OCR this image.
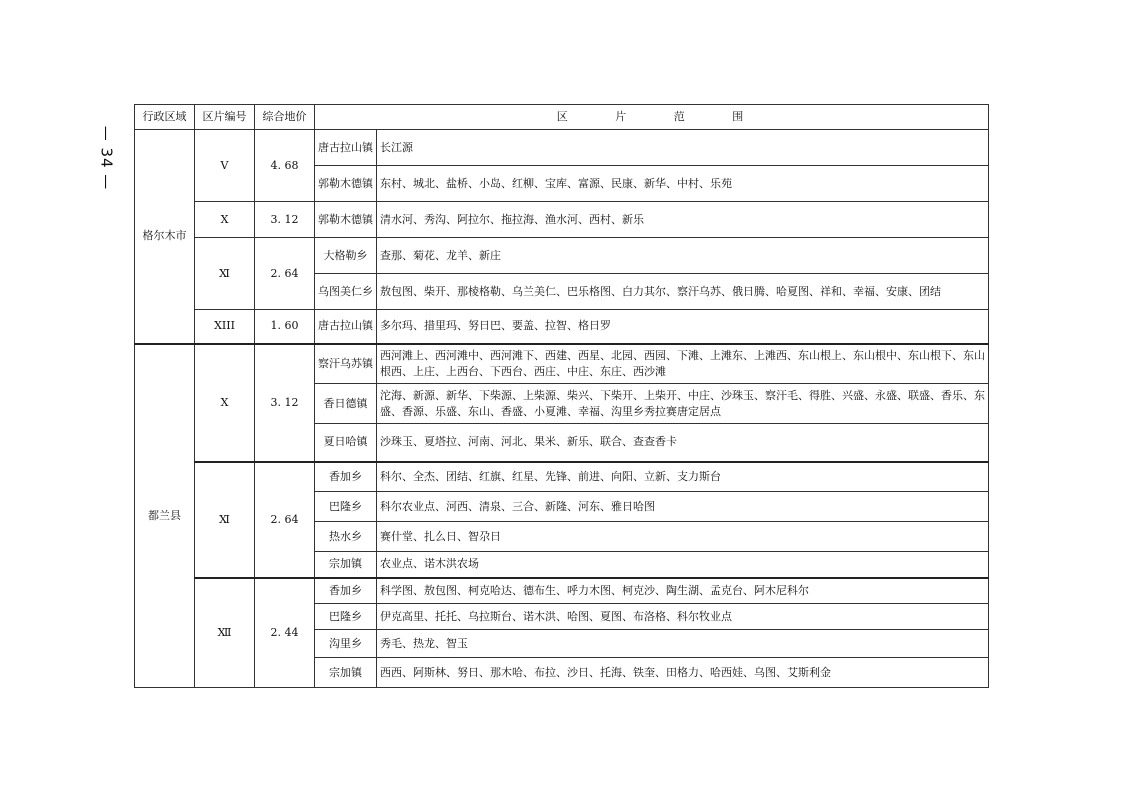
— 34 —
行政区域	区片编号	综合地价	区 片 范 围	
格尔木市	Ⅴ	4. 68	唐古拉山镇	长江源
			郭勒木德镇	东村、城北、盐桥、小岛、红柳、宝库、富源、民康、新华、中村、乐苑
	Ⅹ	3. 12	郭勒木德镇	清水河、秀沟、阿拉尔、拖拉海、渔水河、西村、新乐
	Ⅺ	2. 64	大格勒乡	查那、菊花、龙羊、新庄
			乌图美仁乡	敖包图、柴开、那棱格勒、乌兰美仁、巴乐格图、白力其尔、察汗乌苏、俄日腾、哈夏图、祥和、幸福、安康、团结
	XIII	1. 60	唐古拉山镇	多尔玛、措里玛、努日巴、要盖、拉智、格日罗
都兰县	Ⅹ	3. 12	察汗乌苏镇	西河滩上、西河滩中、西河滩下、西建、西星、北园、西园、下滩、上滩东、上滩西、东山根上、东山根中、东山根下、东山根西、上庄、上西台、下西台、西庄、中庄、东庄、西沙滩
			香日德镇	沱海、新源、新华、下柴源、上柴源、柴兴、下柴开、上柴开、中庄、沙珠玉、察汗毛、得胜、兴盛、永盛、联盛、香乐、东盛、香源、乐盛、东山、香盛、小夏滩、幸福、沟里乡秀拉赛唐定居点
			夏日哈镇	沙珠玉、夏塔拉、河南、河北、果米、新乐、联合、查查香卡
	Ⅺ	2. 64	香加乡	科尔、全杰、团结、红旗、红星、先锋、前进、向阳、立新、支力斯台
			巴隆乡	科尔农业点、河西、清泉、三合、新隆、河东、雅日哈图
			热水乡	赛什堂、扎么日、智尕日
			宗加镇	农业点、诺木洪农场
	Ⅻ	2. 44	香加乡	科学图、敖包图、柯克哈达、德布生、呼力木图、柯克沙、陶生湖、孟克台、阿木尼科尔
			巴隆乡	伊克高里、托托、乌拉斯台、诺木洪、哈图、夏图、布洛格、科尔牧业点
			沟里乡	秀毛、热龙、智玉
			宗加镇	西西、阿斯林、努日、那木哈、布拉、沙日、托海、铁奎、田格力、哈西娃、乌图、艾斯利金
